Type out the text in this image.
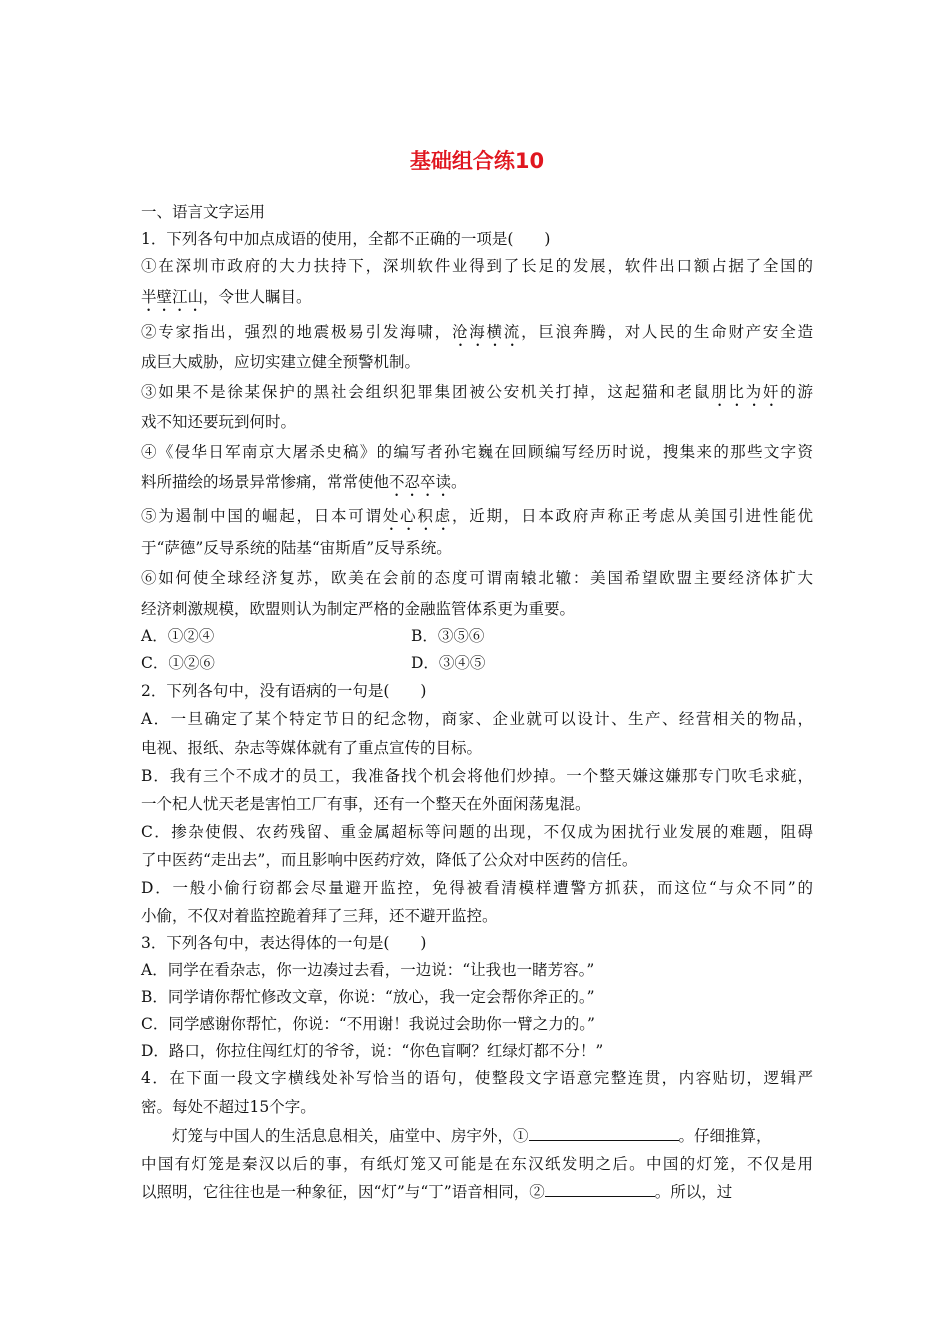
基础组合练10
一、语言文字运用
1．下列各句中加点成语的使用，全都不正确的一项是(　　)
①在深圳市政府的大力扶持下，深圳软件业得到了长足的发展，软件出口额占据了全国的
半壁江山，令世人瞩目。
②专家指出，强烈的地震极易引发海啸，沧海横流，巨浪奔腾，对人民的生命财产安全造
成巨大威胁，应切实建立健全预警机制。
③如果不是徐某保护的黑社会组织犯罪集团被公安机关打掉，这起猫和老鼠朋比为奸的游
戏不知还要玩到何时。
④《侵华日军南京大屠杀史稿》的编写者孙宅巍在回顾编写经历时说，搜集来的那些文字资
料所描绘的场景异常惨痛，常常使他不忍卒读。
⑤为遏制中国的崛起，日本可谓处心积虑，近期，日本政府声称正考虑从美国引进性能优
于“萨德”反导系统的陆基“宙斯盾”反导系统。
⑥如何使全球经济复苏，欧美在会前的态度可谓南辕北辙：美国希望欧盟主要经济体扩大
经济刺激规模，欧盟则认为制定严格的金融监管体系更为重要。
A．①②④	B．③⑤⑥
C．①②⑥	D．③④⑤
2．下列各句中，没有语病的一句是(　　)
A．一旦确定了某个特定节日的纪念物，商家、企业就可以设计、生产、经营相关的物品，
电视、报纸、杂志等媒体就有了重点宣传的目标。
B．我有三个不成才的员工，我准备找个机会将他们炒掉。一个整天嫌这嫌那专门吹毛求疵，
一个杞人忧天老是害怕工厂有事，还有一个整天在外面闲荡鬼混。
C．掺杂使假、农药残留、重金属超标等问题的出现，不仅成为困扰行业发展的难题，阻碍
了中医药“走出去”，而且影响中医药疗效，降低了公众对中医药的信任。
D．一般小偷行窃都会尽量避开监控，免得被看清模样遭警方抓获，而这位“与众不同”的
小偷，不仅对着监控跪着拜了三拜，还不避开监控。
3．下列各句中，表达得体的一句是(　　)
A．同学在看杂志，你一边凑过去看，一边说：“让我也一睹芳容。”
B．同学请你帮忙修改文章，你说：“放心，我一定会帮你斧正的。”
C．同学感谢你帮忙，你说：“不用谢！我说过会助你一臂之力的。”
D．路口，你拉住闯红灯的爷爷，说：“你色盲啊？红绿灯都不分！”
4．在下面一段文字横线处补写恰当的语句，使整段文字语意完整连贯，内容贴切，逻辑严
密。每处不超过15个字。
灯笼与中国人的生活息息相关，庙堂中、房宇外，①	。仔细推算，
中国有灯笼是秦汉以后的事，有纸灯笼又可能是在东汉纸发明之后。中国的灯笼，不仅是用
以照明，它往往也是一种象征，因“灯”与“丁”语音相同，②	。所以，过
